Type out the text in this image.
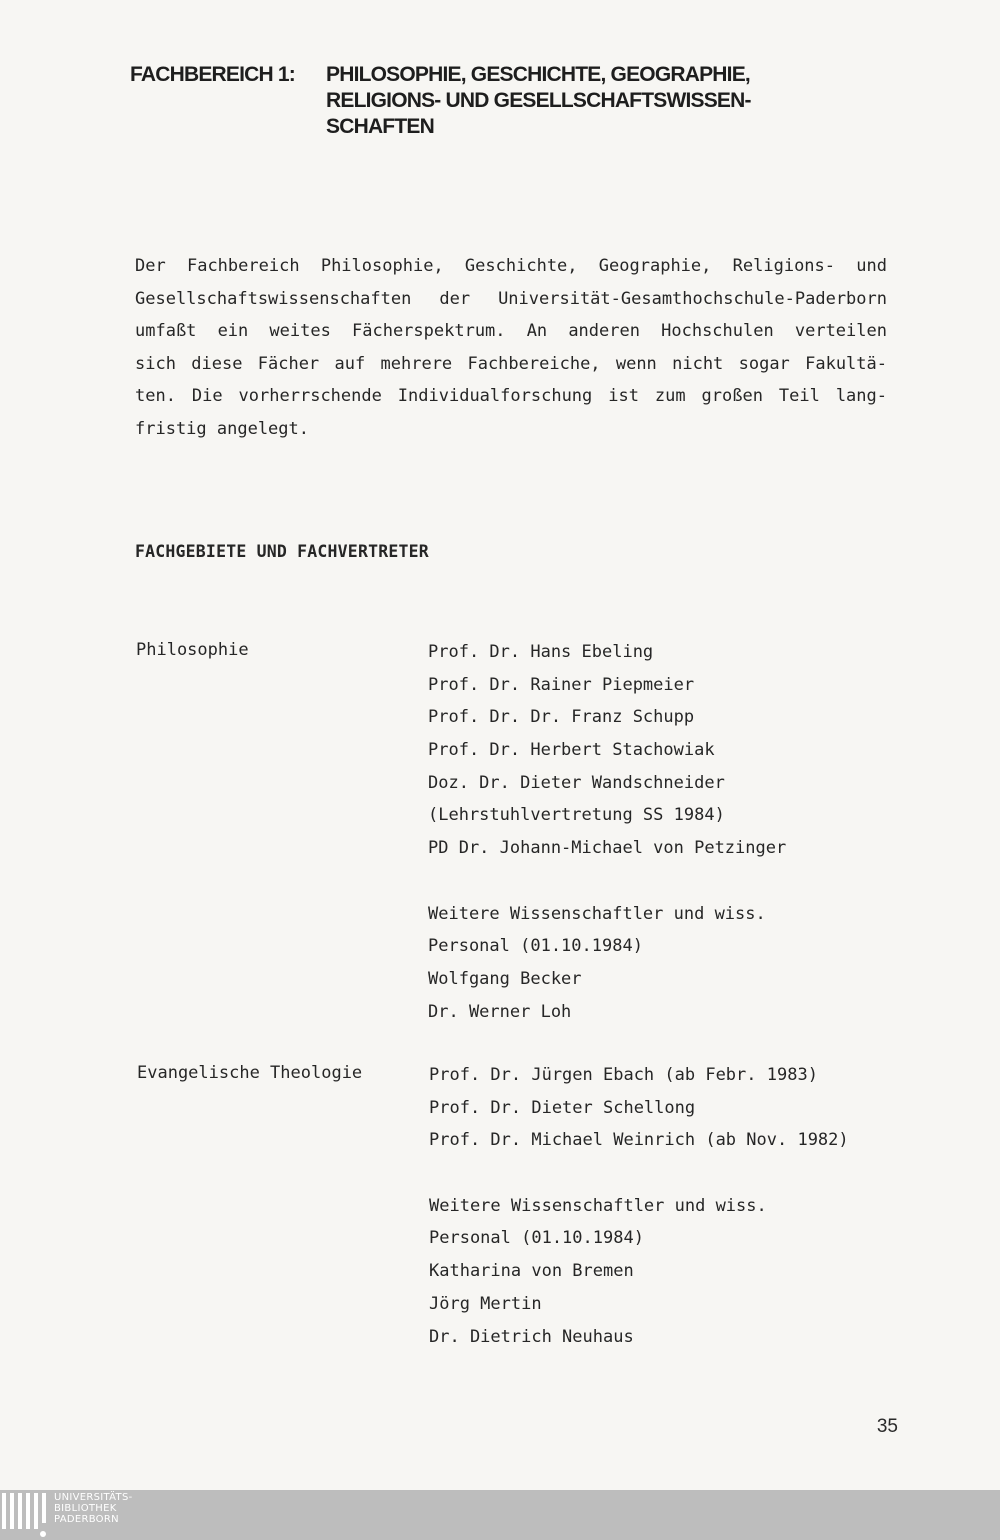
FACHBEREICH 1: PHILOSOPHIE, GESCHICHTE, GEOGRAPHIE,
RELIGIONS- UND GESELLSCHAFTSWISSEN-
SCHAFTEN
Der Fachbereich Philosophie, Geschichte, Geographie, Religions- und
Gesellschaftswissenschaften der Universität-Gesamthochschule-Paderborn
umfaßt ein weites Fächerspektrum. An anderen Hochschulen verteilen
sich diese Fächer auf mehrere Fachbereiche, wenn nicht sogar Fakultä-
ten. Die vorherrschende Individualforschung ist zum großen Teil lang-
fristig angelegt.
FACHGEBIETE UND FACHVERTRETER
Philosophie	Prof. Dr. Hans Ebeling
Prof. Dr. Rainer Piepmeier
Prof. Dr. Dr. Franz Schupp
Prof. Dr. Herbert Stachowiak
Doz. Dr. Dieter Wandschneider
(Lehrstuhlvertretung SS 1984)
PD Dr. Johann-Michael von Petzinger
Weitere Wissenschaftler und wiss.
Personal (01.10.1984)
Wolfgang Becker
Dr. Werner Loh
Evangelische Theologie	Prof. Dr. Jürgen Ebach (ab Febr. 1983)
Prof. Dr. Dieter Schellong
Prof. Dr. Michael Weinrich (ab Nov. 1982)
Weitere Wissenschaftler und wiss.
Personal (01.10.1984)
Katharina von Bremen
Jörg Mertin
Dr. Dietrich Neuhaus
35
UNIVERSITÄTS-
BIBLIOTHEK
PADERBORN
